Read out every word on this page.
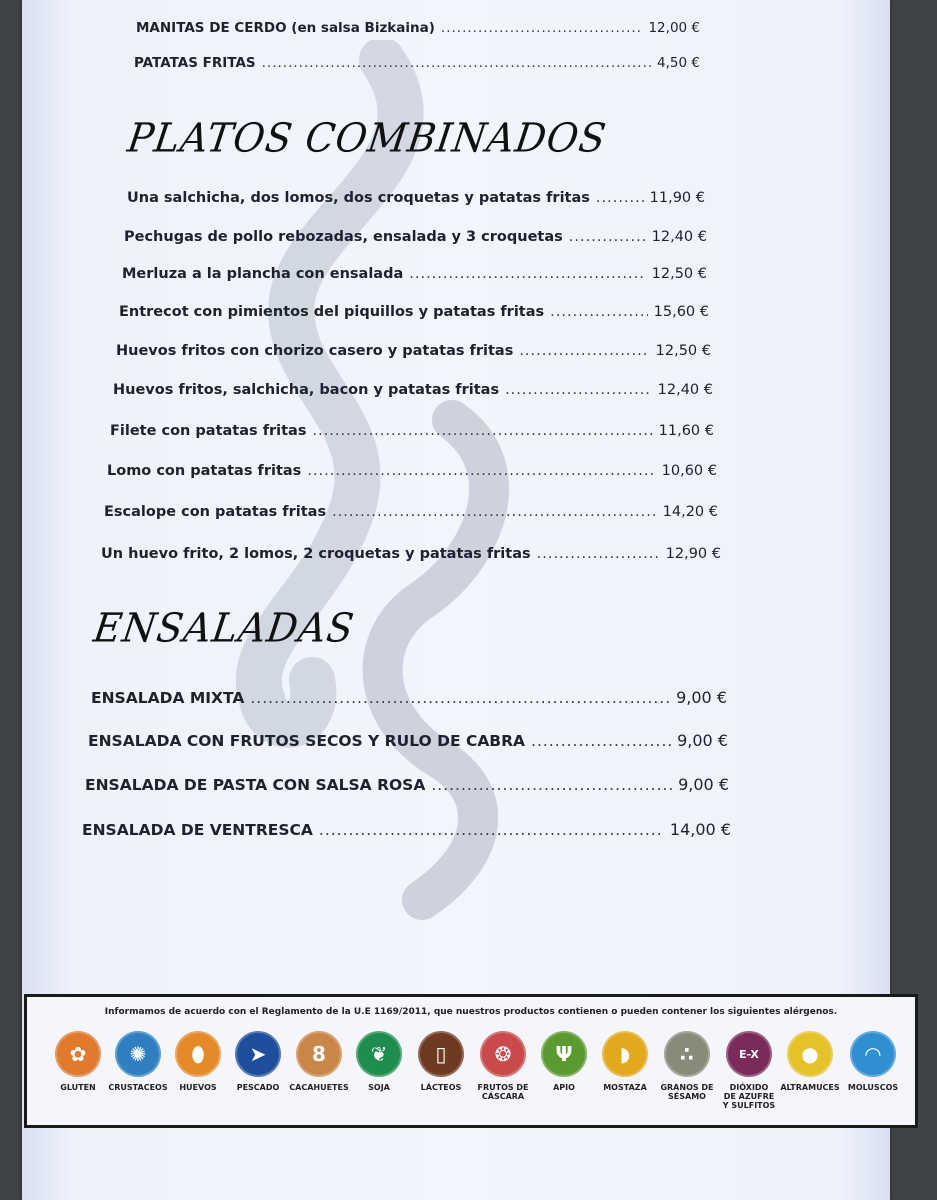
MANITAS DE CERDO (en salsa Bizkaina) .....	12,00 €
PATATAS FRITAS .....	4,50 €
Una salchicha, dos lomos, dos croquetas y patatas fritas .....	11,90 €
Pechugas de pollo rebozadas, ensalada y 3 croquetas .....	12,40 €
Merluza a la plancha con ensalada .....	12,50 €
Entrecot con pimientos del piquillos y patatas fritas .....	15,60 €
Huevos fritos con chorizo casero y patatas fritas .....	12,50 €
Huevos fritos, salchicha, bacon y patatas fritas .....	12,40 €
Filete con patatas fritas .....	11,60 €
Lomo con patatas fritas .....	10,60 €
Escalope con patatas fritas .....	14,20 €
Un huevo frito, 2 lomos, 2 croquetas y patatas fritas .....	12,90 €
ENSALADA MIXTA .....	9,00 €
ENSALADA CON FRUTOS SECOS Y RULO DE CABRA .....	9,00 €
ENSALADA DE PASTA CON SALSA ROSA .....	9,00 €
ENSALADA DE VENTRESCA .....	14,00 €
PLATOS COMBINADOS
ENSALADAS
Informamos de acuerdo con el Reglamento de la U.E 1169/2011, que nuestros productos contienen o pueden contener los siguientes alérgenos.
✿
GLUTEN
✺
CRUSTACEOS
⬮
HUEVOS
➤
PESCADO
8
CACAHUETES
❦
SOJA
▯
LÁCTEOS
❂
FRUTOS DE
CÁSCARA
Ψ
APIO
◗
MOSTAZA
∴
GRANOS DE
SÉSAMO
E-X
DIÓXIDO
DE AZUFRE
Y SULFITOS
●
ALTRAMUCES
◠
MOLUSCOS
